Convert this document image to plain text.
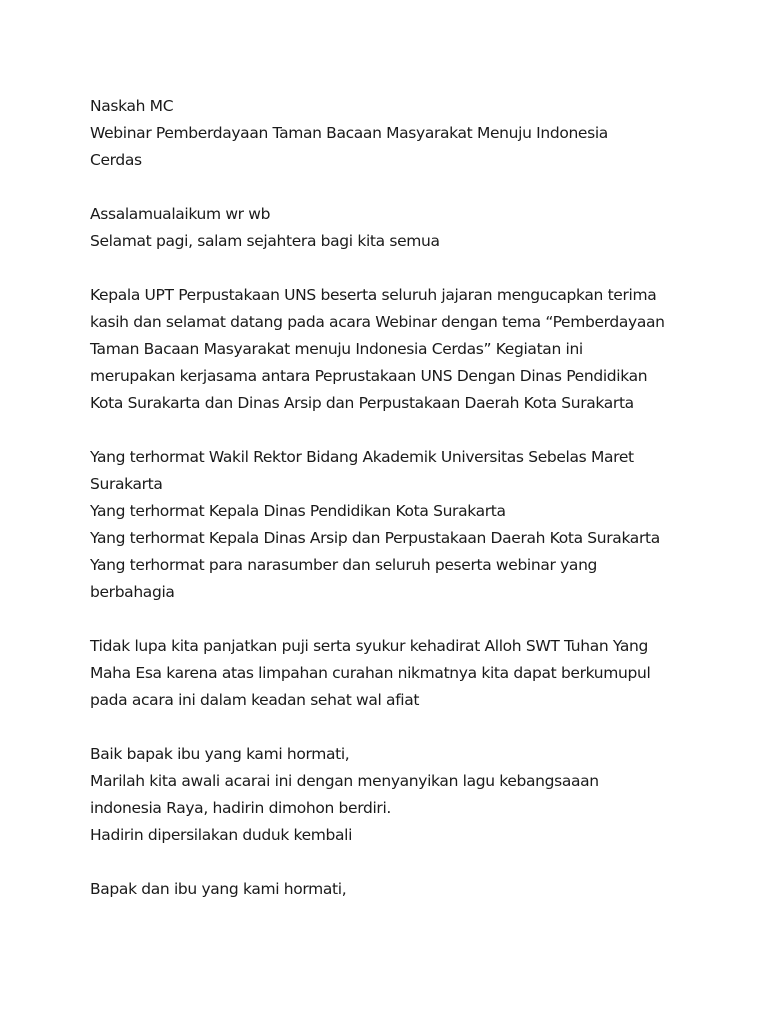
Naskah MC
Webinar Pemberdayaan Taman Bacaan Masyarakat Menuju Indonesia
Cerdas

Assalamualaikum wr wb
Selamat pagi, salam sejahtera bagi kita semua

Kepala UPT Perpustakaan UNS beserta seluruh jajaran mengucapkan terima
kasih dan selamat datang pada acara Webinar dengan tema “Pemberdayaan
Taman Bacaan Masyarakat menuju Indonesia Cerdas” Kegiatan ini
merupakan kerjasama antara Peprustakaan UNS Dengan Dinas Pendidikan
Kota Surakarta dan Dinas Arsip dan Perpustakaan Daerah Kota Surakarta

Yang terhormat Wakil Rektor Bidang Akademik Universitas Sebelas Maret
Surakarta
Yang terhormat Kepala Dinas Pendidikan Kota Surakarta
Yang terhormat Kepala Dinas Arsip dan Perpustakaan Daerah Kota Surakarta
Yang terhormat para narasumber dan seluruh peserta webinar yang
berbahagia

Tidak lupa kita panjatkan puji serta syukur kehadirat Alloh SWT Tuhan Yang
Maha Esa karena atas limpahan curahan nikmatnya kita dapat berkumupul
pada acara ini dalam keadan sehat wal afiat

Baik bapak ibu yang kami hormati,
Marilah kita awali acarai ini dengan menyanyikan lagu kebangsaaan
indonesia Raya, hadirin dimohon berdiri.
Hadirin dipersilakan duduk kembali

Bapak dan ibu yang kami hormati,
